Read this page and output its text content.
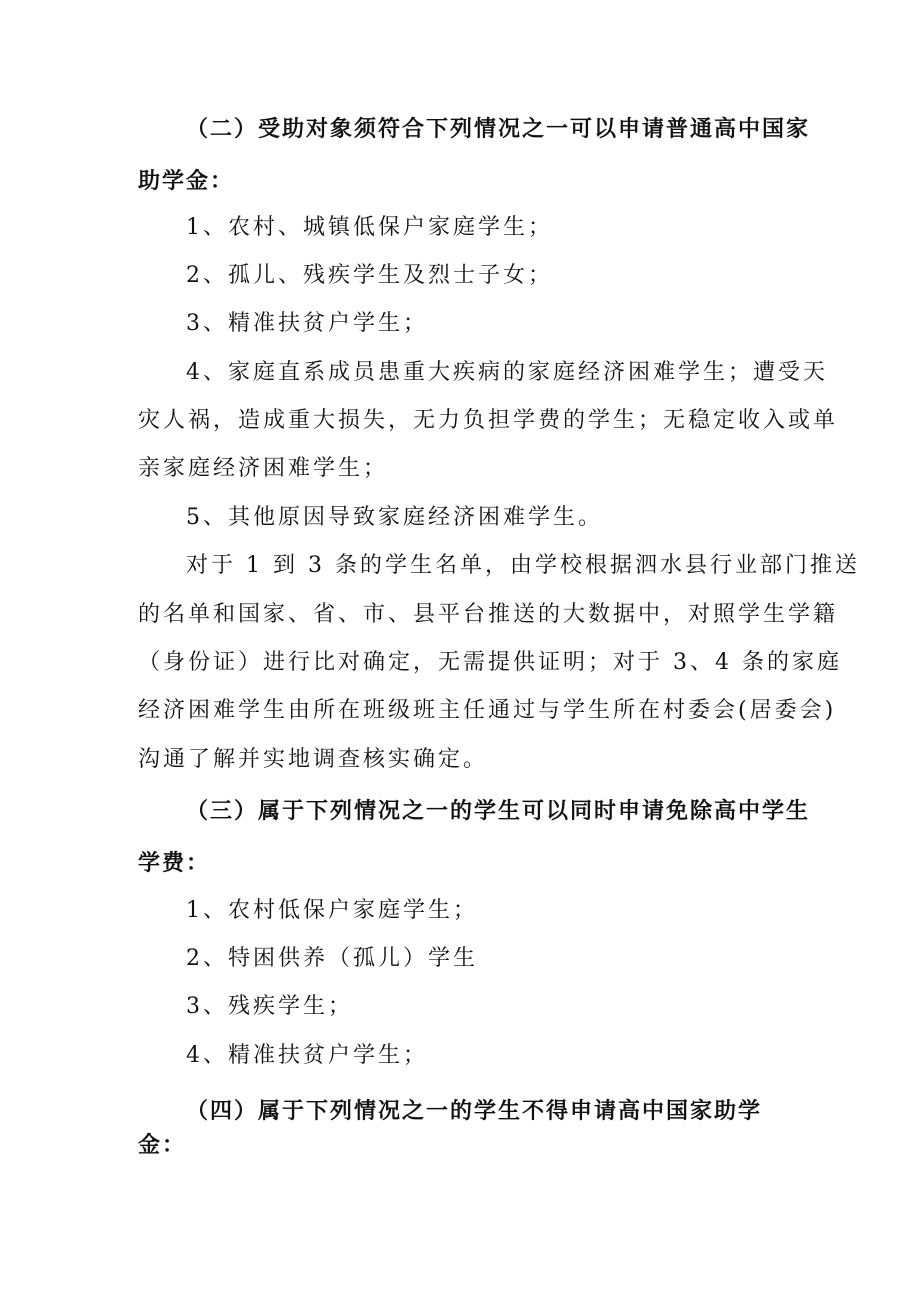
（二）受助对象须符合下列情况之一可以申请普通高中国家
助学金：
1、农村、城镇低保户家庭学生；
2、孤儿、残疾学生及烈士子女；
3、精准扶贫户学生；
4、家庭直系成员患重大疾病的家庭经济困难学生；遭受天
灾人祸，造成重大损失，无力负担学费的学生；无稳定收入或单
亲家庭经济困难学生；
5、其他原因导致家庭经济困难学生。
对于 1 到 3 条的学生名单，由学校根据泗水县行业部门推送
的名单和国家、省、市、县平台推送的大数据中，对照学生学籍
（身份证）进行比对确定，无需提供证明；对于 3、4 条的家庭
经济困难学生由所在班级班主任通过与学生所在村委会(居委会)
沟通了解并实地调查核实确定。
（三）属于下列情况之一的学生可以同时申请免除高中学生
学费：
1、农村低保户家庭学生；
2、特困供养（孤儿）学生
3、残疾学生；
4、精准扶贫户学生；
（四）属于下列情况之一的学生不得申请高中国家助学
金：
